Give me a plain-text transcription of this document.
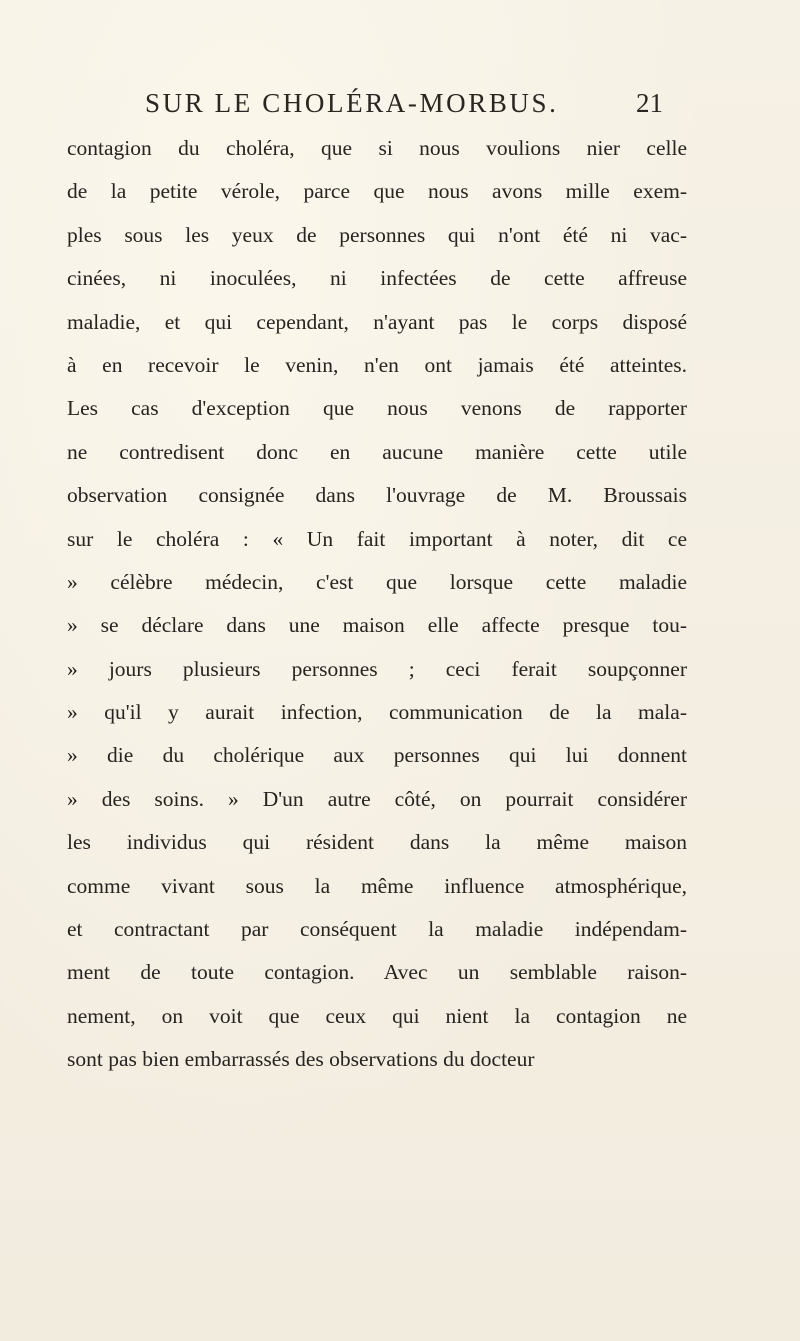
SUR LE CHOLÉRA-MORBUS.	21
contagion du choléra, que si nous voulions nier celle
de la petite vérole, parce que nous avons mille exem-
ples sous les yeux de personnes qui n'ont été ni vac-
cinées, ni inoculées, ni infectées de cette affreuse
maladie, et qui cependant, n'ayant pas le corps disposé
à en recevoir le venin, n'en ont jamais été atteintes.
Les cas d'exception que nous venons de rapporter
ne contredisent donc en aucune manière cette utile
observation consignée dans l'ouvrage de M. Broussais
sur le choléra : « Un fait important à noter, dit ce
» célèbre médecin, c'est que lorsque cette maladie
» se déclare dans une maison elle affecte presque tou-
» jours plusieurs personnes ; ceci ferait soupçonner
» qu'il y aurait infection, communication de la mala-
» die du cholérique aux personnes qui lui donnent
» des soins. » D'un autre côté, on pourrait considérer
les individus qui résident dans la même maison
comme vivant sous la même influence atmosphérique,
et contractant par conséquent la maladie indépendam-
ment de toute contagion. Avec un semblable raison-
nement, on voit que ceux qui nient la contagion ne
sont pas bien embarrassés des observations du docteur
